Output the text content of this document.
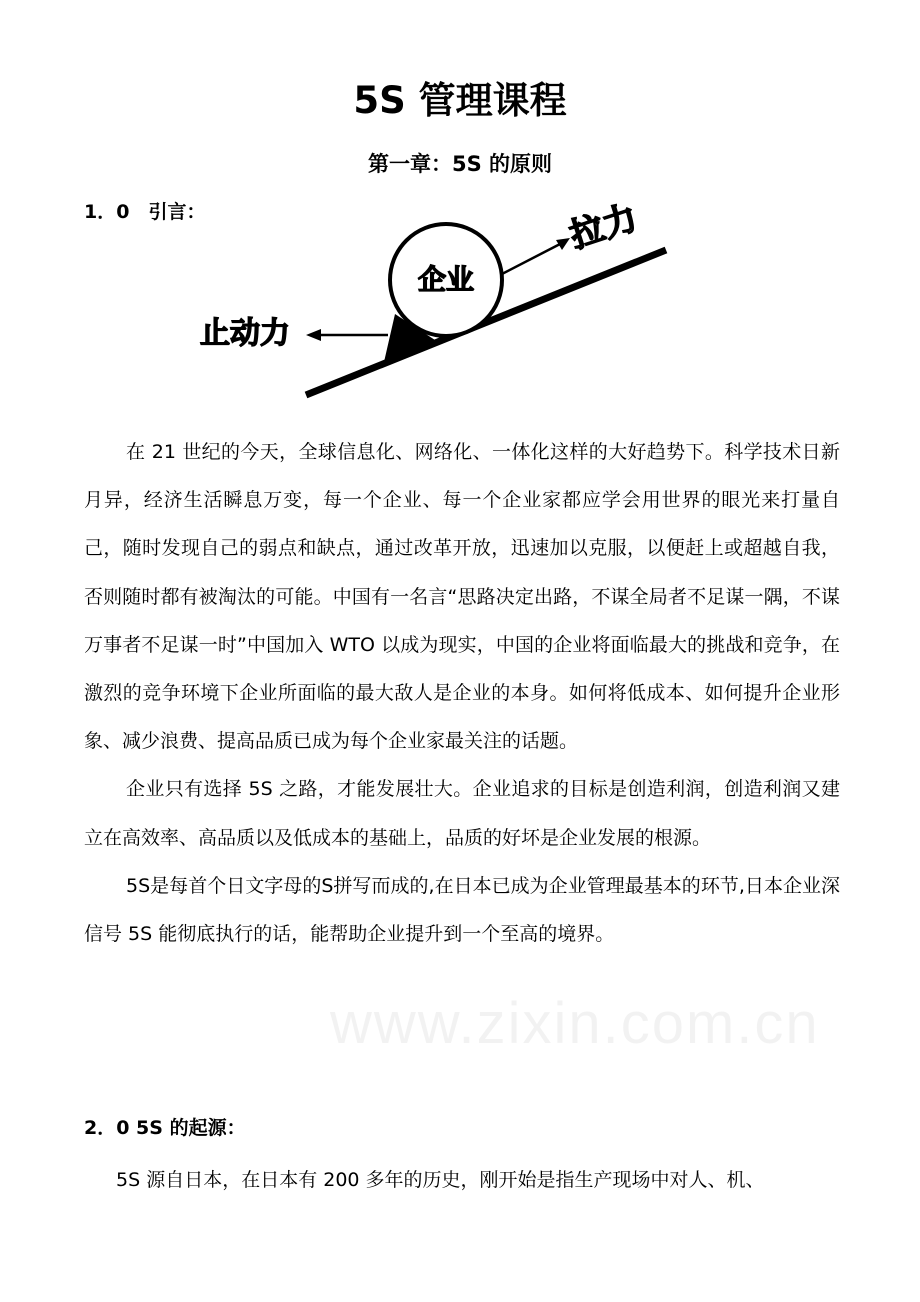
www.zixin.com.cn
5S 管理课程
第一章：5S 的原则
1．0　引言：
企业
拉力
止动力

在 21 世纪的今天，全球信息化、网络化、一体化这样的大好趋势下。科学技术日新月异，经济生活瞬息万变，每一个企业、每一个企业家都应学会用世界的眼光来打量自己，随时发现自己的弱点和缺点，通过改革开放，迅速加以克服，以便赶上或超越自我，否则随时都有被淘汰的可能。中国有一名言“思路决定出路，不谋全局者不足谋一隅，不谋万事者不足谋一时”中国加入 WTO 以成为现实，中国的企业将面临最大的挑战和竞争，在激烈的竞争环境下企业所面临的最大敌人是企业的本身。如何将低成本、如何提升企业形象、减少浪费、提高品质已成为每个企业家最关注的话题。

企业只有选择 5S 之路，才能发展壮大。企业追求的目标是创造利润，创造利润又建立在高效率、高品质以及低成本的基础上，品质的好坏是企业发展的根源。

5S是每首个日文字母的S拼写而成的,在日本已成为企业管理最基本的环节,日本企业深信号 5S 能彻底执行的话，能帮助企业提升到一个至高的境界。

2．0 5S 的起源：
5S 源自日本，在日本有 200 多年的历史，刚开始是指生产现场中对人、机、
